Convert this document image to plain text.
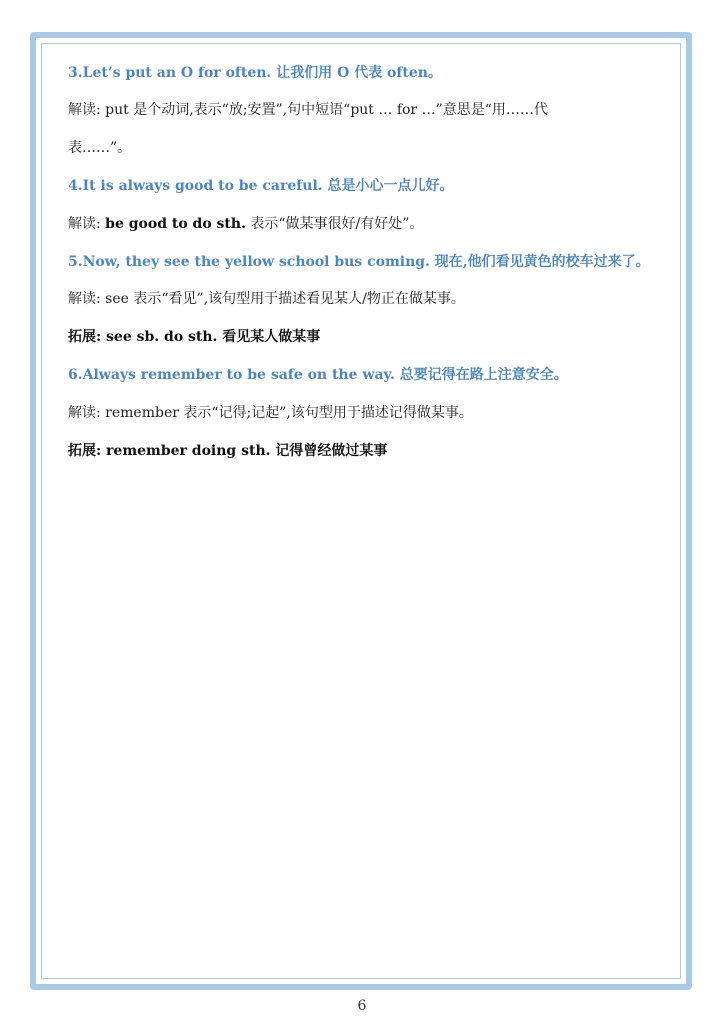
3.Let’s put an O for often. 让我们用 O 代表 often。
解读: put 是个动词,表示“放;安置”,句中短语“put … for …”意思是“用……代
表……”。
4.It is always good to be careful. 总是小心一点儿好。
解读: be good to do sth. 表示“做某事很好/有好处”。
5.Now, they see the yellow school bus coming. 现在,他们看见黄色的校车过来了。
解读: see 表示“看见”,该句型用于描述看见某人/物正在做某事。
拓展: see sb. do sth. 看见某人做某事
6.Always remember to be safe on the way. 总要记得在路上注意安全。
解读: remember 表示“记得;记起”,该句型用于描述记得做某事。
拓展: remember doing sth. 记得曾经做过某事
6
